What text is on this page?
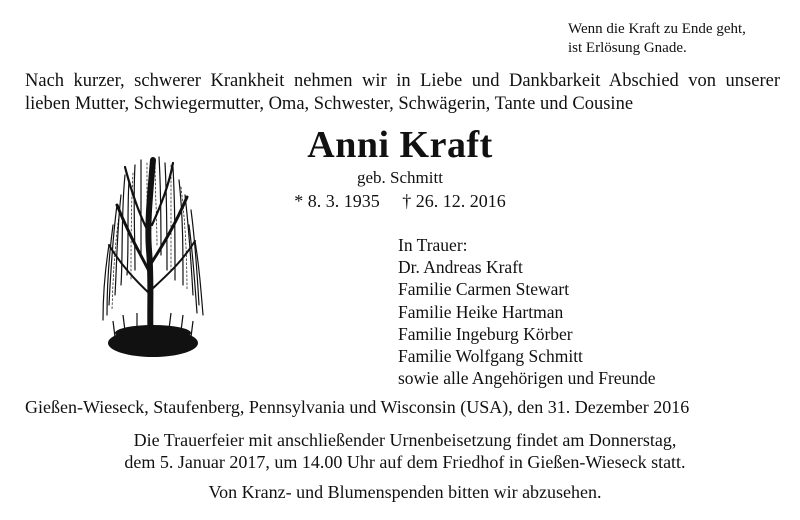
Wenn die Kraft zu Ende geht,
ist Erlösung Gnade.
Nach kurzer, schwerer Krankheit nehmen wir in Liebe und Dankbarkeit Abschied von unserer
lieben Mutter, Schwiegermutter, Oma, Schwester, Schwägerin, Tante und Cousine
Anni Kraft
geb. Schmitt
* 8. 3. 1935 † 26. 12. 2016
In Trauer:
Dr. Andreas Kraft
Familie Carmen Stewart
Familie Heike Hartman
Familie Ingeburg Körber
Familie Wolfgang Schmitt
sowie alle Angehörigen und Freunde
Gießen-Wieseck, Staufenberg, Pennsylvania und Wisconsin (USA), den 31. Dezember 2016
Die Trauerfeier mit anschließender Urnenbeisetzung findet am Donnerstag,
dem 5. Januar 2017, um 14.00 Uhr auf dem Friedhof in Gießen-Wieseck statt.
Von Kranz- und Blumenspenden bitten wir abzusehen.
